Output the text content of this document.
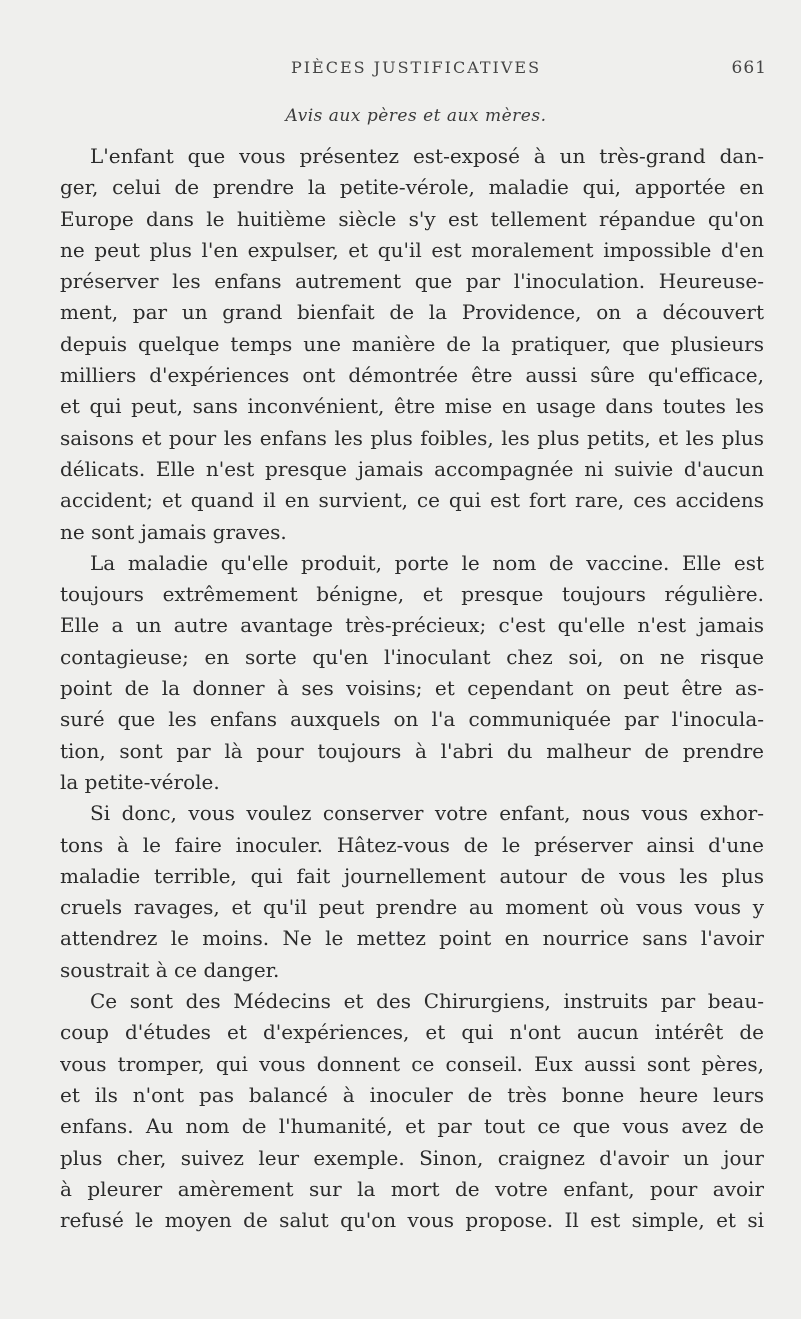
PIÈCES JUSTIFICATIVES	661
Avis aux pères et aux mères.
L'enfant que vous présentez est-exposé à un très-grand dan-
ger, celui de prendre la petite-vérole, maladie qui, apportée en
Europe dans le huitième siècle s'y est tellement répandue qu'on
ne peut plus l'en expulser, et qu'il est moralement impossible d'en
préserver les enfans autrement que par l'inoculation. Heureuse-
ment, par un grand bienfait de la Providence, on a découvert
depuis quelque temps une manière de la pratiquer, que plusieurs
milliers d'expériences ont démontrée être aussi sûre qu'efficace,
et qui peut, sans inconvénient, être mise en usage dans toutes les
saisons et pour les enfans les plus foibles, les plus petits, et les plus
délicats. Elle n'est presque jamais accompagnée ni suivie d'aucun
accident; et quand il en survient, ce qui est fort rare, ces accidens
ne sont jamais graves.
La maladie qu'elle produit, porte le nom de vaccine. Elle est
toujours extrêmement bénigne, et presque toujours régulière.
Elle a un autre avantage très-précieux; c'est qu'elle n'est jamais
contagieuse; en sorte qu'en l'inoculant chez soi, on ne risque
point de la donner à ses voisins; et cependant on peut être as-
suré que les enfans auxquels on l'a communiquée par l'inocula-
tion, sont par là pour toujours à l'abri du malheur de prendre
la petite-vérole.
Si donc, vous voulez conserver votre enfant, nous vous exhor-
tons à le faire inoculer. Hâtez-vous de le préserver ainsi d'une
maladie terrible, qui fait journellement autour de vous les plus
cruels ravages, et qu'il peut prendre au moment où vous vous y
attendrez le moins. Ne le mettez point en nourrice sans l'avoir
soustrait à ce danger.
Ce sont des Médecins et des Chirurgiens, instruits par beau-
coup d'études et d'expériences, et qui n'ont aucun intérêt de
vous tromper, qui vous donnent ce conseil. Eux aussi sont pères,
et ils n'ont pas balancé à inoculer de très bonne heure leurs
enfans. Au nom de l'humanité, et par tout ce que vous avez de
plus cher, suivez leur exemple. Sinon, craignez d'avoir un jour
à pleurer amèrement sur la mort de votre enfant, pour avoir
refusé le moyen de salut qu'on vous propose. Il est simple, et si
